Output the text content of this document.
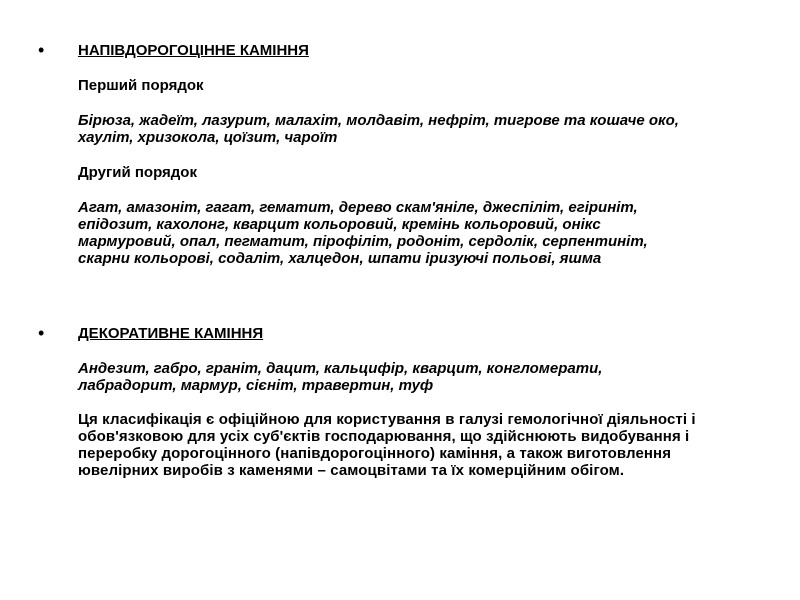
• НАПІВДОРОГОЦІННЕ КАМІННЯ

Перший порядок

Бірюза, жадеїт, лазурит, малахіт, молдавіт, нефріт, тигрове та кошаче око,

хауліт, хризокола, цоїзит, чароїт

Другий порядок

Агат, амазоніт, гагат, гематит, дерево скам'яніле, джеспіліт, егіриніт,

епідозит, кахолонг, кварцит кольоровий, кремінь кольоровий, онікс

мармуровий, опал, пегматит, пірофіліт, родоніт, сердолік, серпентиніт,

скарни кольорові, содаліт, халцедон, шпати іризуючі польові, яшма

• ДЕКОРАТИВНЕ КАМІННЯ

Андезит, габро, граніт, дацит, кальцифір, кварцит, конгломерати,

лабрадорит, мармур, сієніт, травертин, туф

Ця класифікація є офіційною для користування в галузі гемологічної діяльності і

обов'язковою для усіх суб'єктів господарювання, що здійснюють видобування і

переробку дорогоцінного (напівдорогоцінного) каміння, а також виготовлення

ювелірних виробів з каменями – самоцвітами та їх комерційним обігом.
